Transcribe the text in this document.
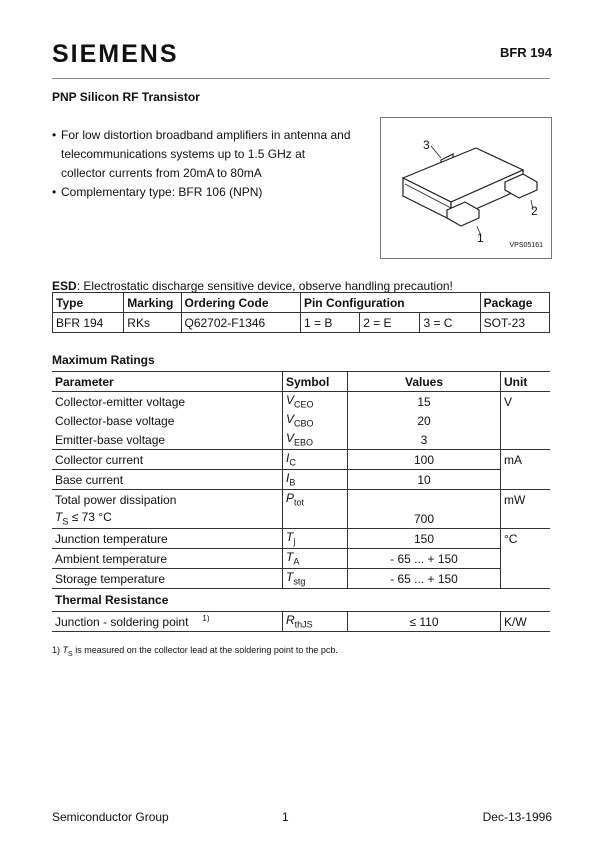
SIEMENS	BFR 194
PNP Silicon RF Transistor
• For low distortion broadband amplifiers in antenna and telecommunications systems up to 1.5 GHz at collector currents from 20mA to 80mA
• Complementary type: BFR 106 (NPN)
3
2
1
VPS05161
ESD: Electrostatic discharge sensitive device, observe handling precaution!
Type	Marking	Ordering Code	Pin Configuration			Package
BFR 194	RKs	Q62702-F1346	1 = B	2 = E	3 = C	SOT-23
Maximum Ratings
Parameter	Symbol	Values	Unit
Collector-emitter voltage	$V_{CEO}$	15	V
Collector-base voltage	$V_{CBO}$	20	
Emitter-base voltage	$V_{EBO}$	3	
Collector current	$I_C$	100	mA
Base current	$I_B$	10	
Total power dissipation	$P_{tot}$		mW
$T_S \le 73$ °C		700	
Junction temperature	$T_j$	150	°C
Ambient temperature	$T_A$	- 65 ... + 150	
Storage temperature	$T_{stg}$	- 65 ... + 150	
Thermal Resistance			
Junction - soldering point $^{1)}$	$R_{thJS}$	≤ 110	K/W
1) $T_S$ is measured on the collector lead at the soldering point to the pcb.
Semiconductor Group	1	Dec-13-1996
